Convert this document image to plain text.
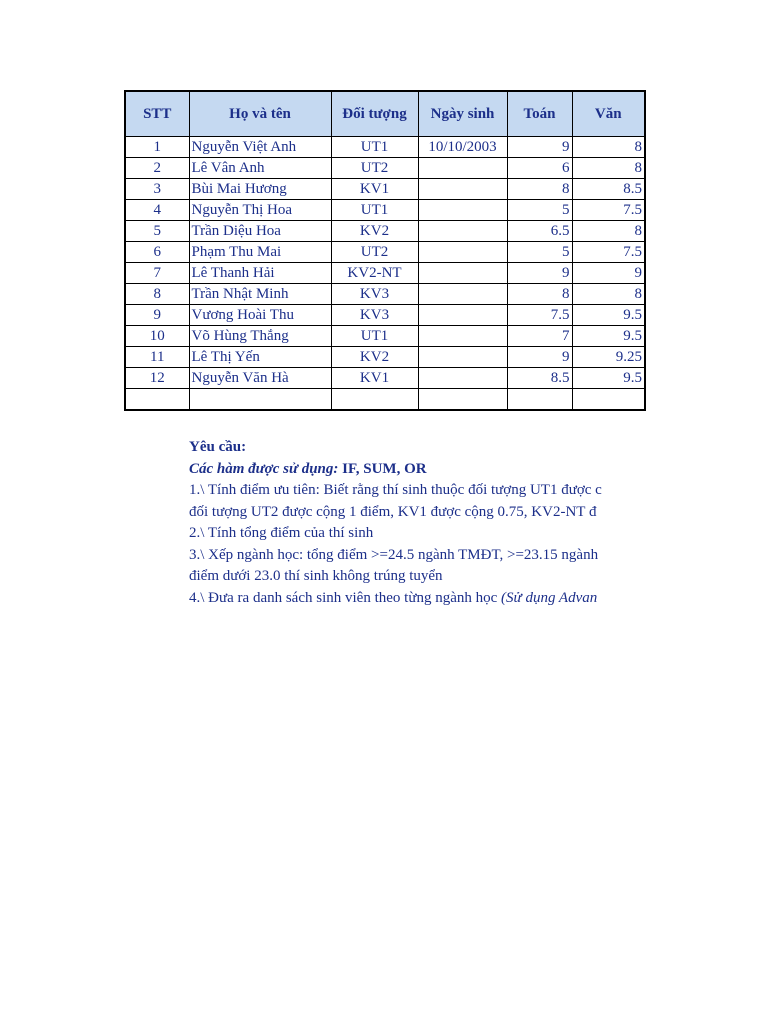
STT	Họ và tên	Đối tượng	Ngày sinh	Toán	Văn
1	Nguyễn Việt Anh	UT1	10/10/2003	9	8
2	Lê Vân Anh	UT2		6	8
3	Bùi Mai Hương	KV1		8	8.5
4	Nguyễn Thị Hoa	UT1		5	7.5
5	Trần Diệu Hoa	KV2		6.5	8
6	Phạm Thu Mai	UT2		5	7.5
7	Lê Thanh Hải	KV2-NT		9	9
8	Trần Nhật Minh	KV3		8	8
9	Vương Hoài Thu	KV3		7.5	9.5
10	Võ Hùng Thắng	UT1		7	9.5
11	Lê Thị Yến	KV2		9	9.25
12	Nguyễn Văn Hà	KV1		8.5	9.5

Yêu cầu:
Các hàm được sử dụng: IF, SUM, OR
1.\ Tính điểm ưu tiên: Biết rằng thí sinh thuộc đối tượng UT1 được c
đối tượng UT2 được cộng 1 điểm, KV1 được cộng 0.75, KV2-NT đ
2.\ Tính tổng điểm của thí sinh
3.\ Xếp ngành học: tổng điểm >=24.5 ngành TMĐT, >=23.15 ngành
điểm dưới 23.0 thí sinh không trúng tuyển
4.\ Đưa ra danh sách sinh viên theo từng ngành học (Sử dụng Advan
